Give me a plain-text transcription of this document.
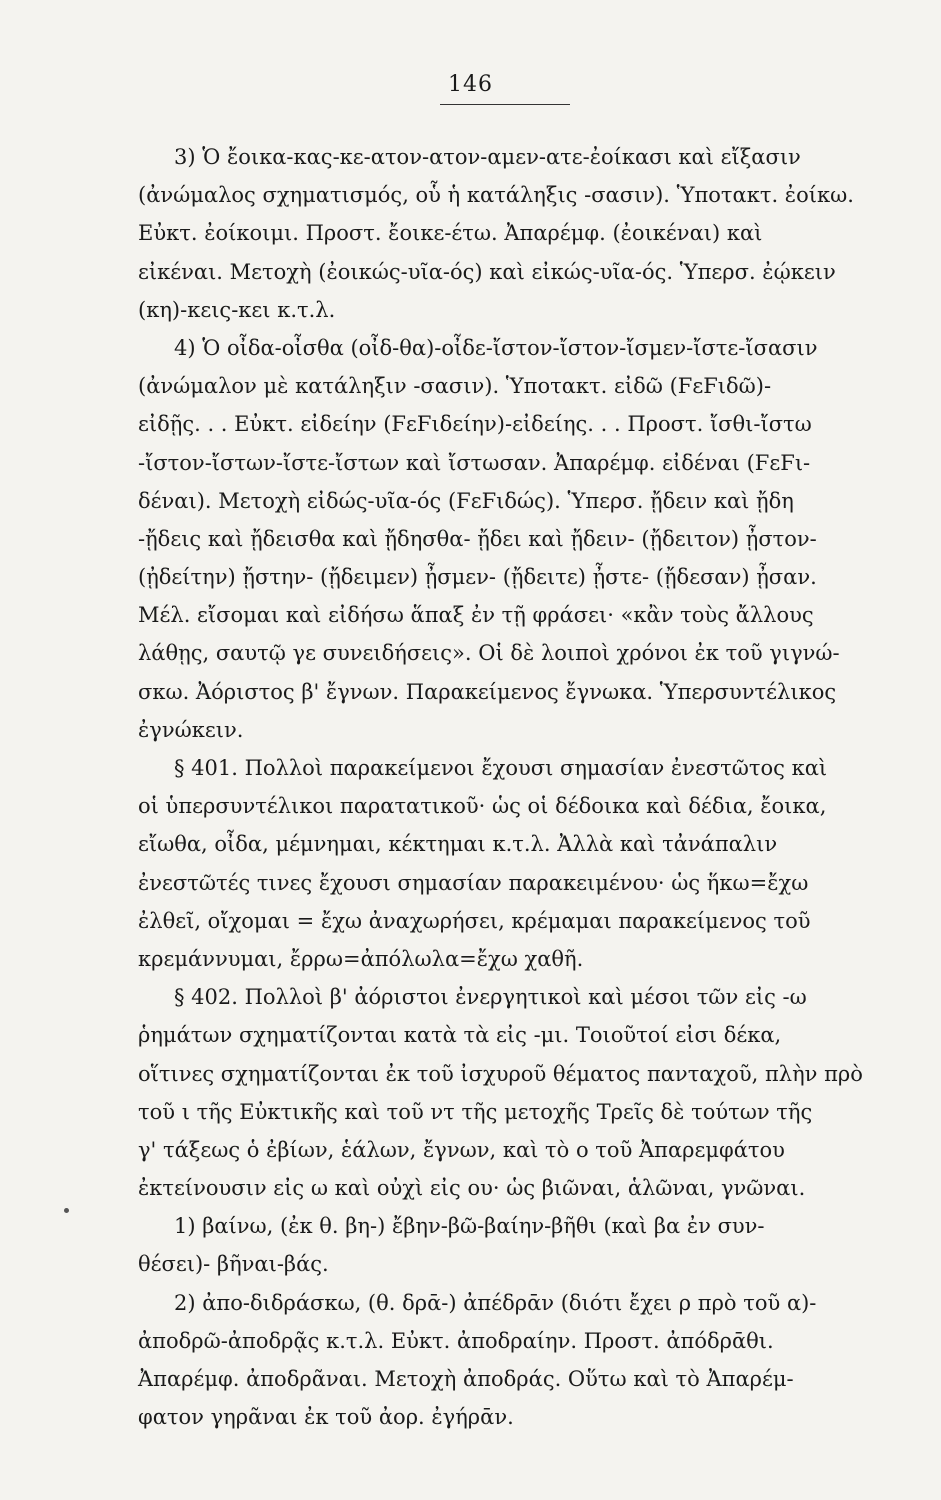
146
3) Ὁ ἔοικα-κας-κε-ατον-ατον-αμεν-ατε-ἐοίκασι καὶ εἴξασιν
(ἀνώμαλος σχηματισμός, οὗ ἡ κατάληξις -σασιν). Ὑποτακτ. ἐοίκω.
Εὐκτ. ἐοίκοιμι. Προστ. ἔοικε-έτω. Ἀπαρέμφ. (ἐοικέναι) καὶ
εἰκέναι. Μετοχὴ (ἐοικώς-υῖα-ός) καὶ εἰκώς-υῖα-ός. Ὑπερσ. ἐῴκειν
(κη)-κεις-κει κ.τ.λ.
4) Ὁ οἶδα-οἶσθα (οἶδ-θα)-οἶδε-ἴστον-ἴστον-ἴσμεν-ἴστε-ἴσασιν
(ἀνώμαλον μὲ κατάληξιν -σασιν). Ὑποτακτ. εἰδῶ (ϜεϜιδῶ)-
εἰδῇς. . . Εὐκτ. εἰδείην (ϜεϜιδείην)-εἰδείης. . . Προστ. ἴσθι-ἴστω
-ἴστον-ἴστων-ἴστε-ἴστων καὶ ἴστωσαν. Ἀπαρέμφ. εἰδέναι (ϜεϜι-
δέναι). Μετοχὴ εἰδώς-υῖα-ός (ϜεϜιδώς). Ὑπερσ. ᾔδειν καὶ ᾔδη
-ᾔδεις καὶ ᾔδεισθα καὶ ᾔδησθα- ᾔδει καὶ ᾔδειν- (ᾔδειτον) ᾖστον-
(ᾐδείτην) ᾔστην- (ᾔδειμεν) ᾖσμεν- (ᾔδειτε) ᾖστε- (ᾔδεσαν) ᾖσαν.
Μέλ. εἴσομαι καὶ εἰδήσω ἅπαξ ἐν τῇ φράσει· «κἂν τοὺς ἄλλους
λάθῃς, σαυτῷ γε συνειδήσεις». Οἱ δὲ λοιποὶ χρόνοι ἐκ τοῦ γιγνώ-
σκω. Ἀόριστος β' ἔγνων. Παρακείμενος ἔγνωκα. Ὑπερσυντέλικος
ἐγνώκειν.
§ 401. Πολλοὶ παρακείμενοι ἔχουσι σημασίαν ἐνεστῶτος καὶ
οἱ ὑπερσυντέλικοι παρατατικοῦ· ὡς οἱ δέδοικα καὶ δέδια, ἔοικα,
εἴωθα, οἶδα, μέμνημαι, κέκτημαι κ.τ.λ. Ἀλλὰ καὶ τἀνάπαλιν
ἐνεστῶτές τινες ἔχουσι σημασίαν παρακειμένου· ὡς ἥκω=ἔχω
ἐλθεῖ, οἴχομαι = ἔχω ἀναχωρήσει, κρέμαμαι παρακείμενος τοῦ
κρεμάννυμαι, ἔρρω=ἀπόλωλα=ἔχω χαθῆ.
§ 402. Πολλοὶ β' ἀόριστοι ἐνεργητικοὶ καὶ μέσοι τῶν εἰς -ω
ῥημάτων σχηματίζονται κατὰ τὰ εἰς -μι. Τοιοῦτοί εἰσι δέκα,
οἵτινες σχηματίζονται ἐκ τοῦ ἰσχυροῦ θέματος πανταχοῦ, πλὴν πρὸ
τοῦ ι τῆς Εὐκτικῆς καὶ τοῦ ντ τῆς μετοχῆς Τρεῖς δὲ τούτων τῆς
γ' τάξεως ὁ ἐβίων, ἑάλων, ἔγνων, καὶ τὸ ο τοῦ Ἀπαρεμφάτου
ἐκτείνουσιν εἰς ω καὶ οὐχὶ εἰς ου· ὡς βιῶναι, ἁλῶναι, γνῶναι.
1) βαίνω, (ἐκ θ. βη-) ἔβην-βῶ-βαίην-βῆθι (καὶ βα ἐν συν-
θέσει)- βῆναι-βάς.
2) ἀπο-διδράσκω, (θ. δρᾱ-) ἀπέδρᾱν (διότι ἔχει ρ πρὸ τοῦ α)-
ἀποδρῶ-ἀποδρᾷς κ.τ.λ. Εὐκτ. ἀποδραίην. Προστ. ἀπόδρᾱθι.
Ἀπαρέμφ. ἀποδρᾶναι. Μετοχὴ ἀποδράς. Οὕτω καὶ τὸ Ἀπαρέμ-
φατον γηρᾶναι ἐκ τοῦ ἀορ. ἐγήρᾱν.
